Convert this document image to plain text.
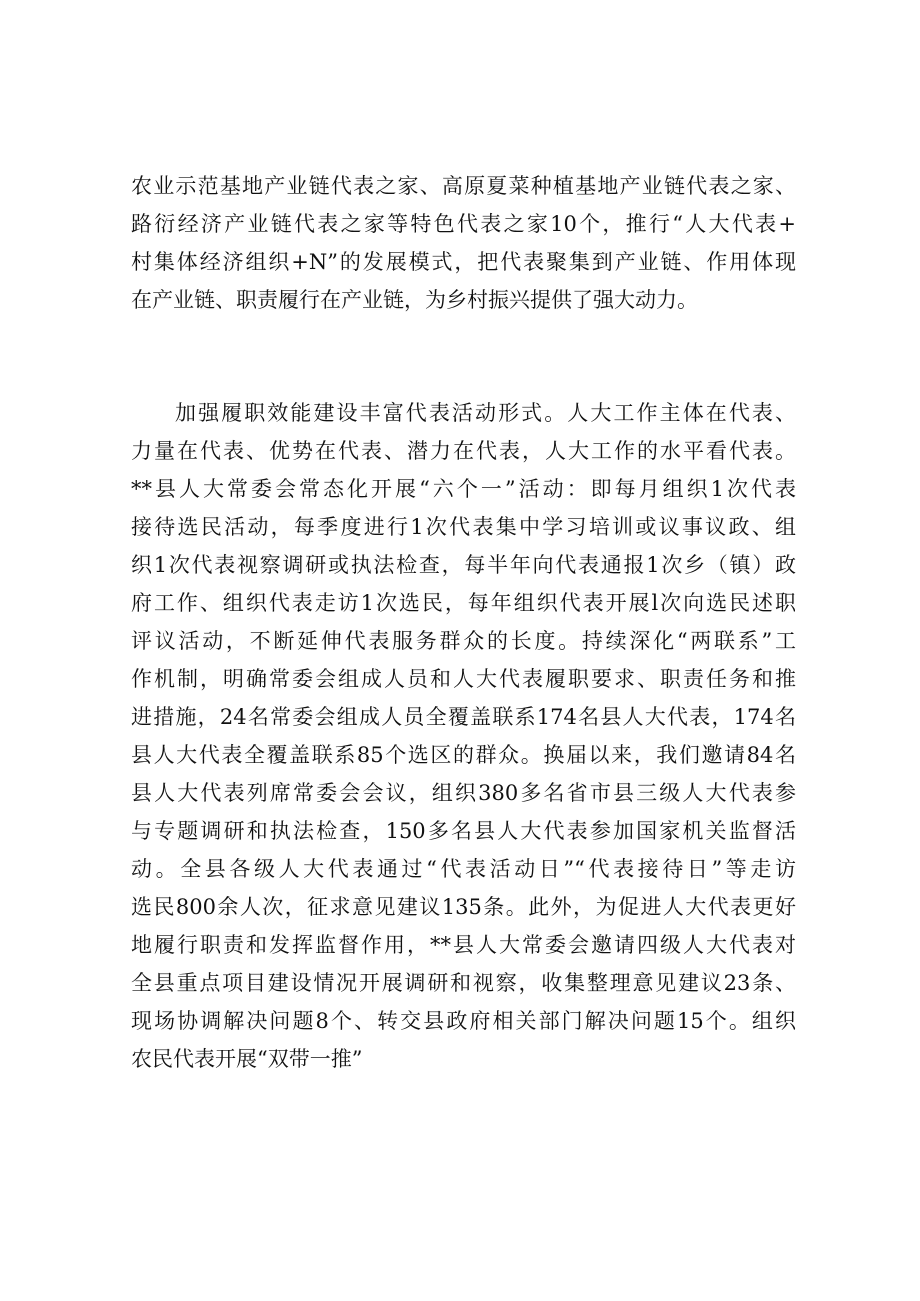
农业示范基地产业链代表之家、高原夏菜种植基地产业链代表之家、
路衍经济产业链代表之家等特色代表之家10个，推行“人大代表+
村集体经济组织+N”的发展模式，把代表聚集到产业链、作用体现
在产业链、职责履行在产业链，为乡村振兴提供了强大动力。
加强履职效能建设丰富代表活动形式。人大工作主体在代表、
力量在代表、优势在代表、潜力在代表，人大工作的水平看代表。
**县人大常委会常态化开展“六个一”活动：即每月组织1次代表
接待选民活动，每季度进行1次代表集中学习培训或议事议政、组
织1次代表视察调研或执法检查，每半年向代表通报1次乡（镇）政
府工作、组织代表走访1次选民，每年组织代表开展l次向选民述职
评议活动，不断延伸代表服务群众的长度。持续深化“两联系”工
作机制，明确常委会组成人员和人大代表履职要求、职责任务和推
进措施，24名常委会组成人员全覆盖联系174名县人大代表，174名
县人大代表全覆盖联系85个选区的群众。换届以来，我们邀请84名
县人大代表列席常委会会议，组织380多名省市县三级人大代表参
与专题调研和执法检查，150多名县人大代表参加国家机关监督活
动。全县各级人大代表通过“代表活动日”“代表接待日”等走访
选民800余人次，征求意见建议135条。此外，为促进人大代表更好
地履行职责和发挥监督作用，**县人大常委会邀请四级人大代表对
全县重点项目建设情况开展调研和视察，收集整理意见建议23条、
现场协调解决问题8个、转交县政府相关部门解决问题15个。组织
农民代表开展“双带一推”
